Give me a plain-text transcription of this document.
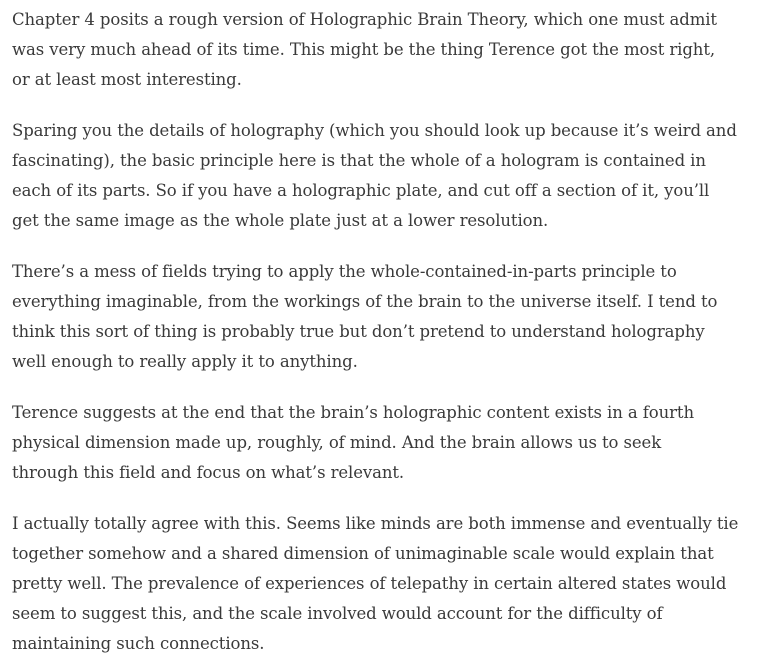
Chapter 4 posits a rough version of Holographic Brain Theory, which one must admit
was very much ahead of its time. This might be the thing Terence got the most right,
or at least most interesting.

Sparing you the details of holography (which you should look up because it’s weird and
fascinating), the basic principle here is that the whole of a hologram is contained in
each of its parts. So if you have a holographic plate, and cut off a section of it, you’ll
get the same image as the whole plate just at a lower resolution.

There’s a mess of fields trying to apply the whole-contained-in-parts principle to
everything imaginable, from the workings of the brain to the universe itself. I tend to
think this sort of thing is probably true but don’t pretend to understand holography
well enough to really apply it to anything.

Terence suggests at the end that the brain’s holographic content exists in a fourth
physical dimension made up, roughly, of mind. And the brain allows us to seek
through this field and focus on what’s relevant.

I actually totally agree with this. Seems like minds are both immense and eventually tie
together somehow and a shared dimension of unimaginable scale would explain that
pretty well. The prevalence of experiences of telepathy in certain altered states would
seem to suggest this, and the scale involved would account for the difficulty of
maintaining such connections.
